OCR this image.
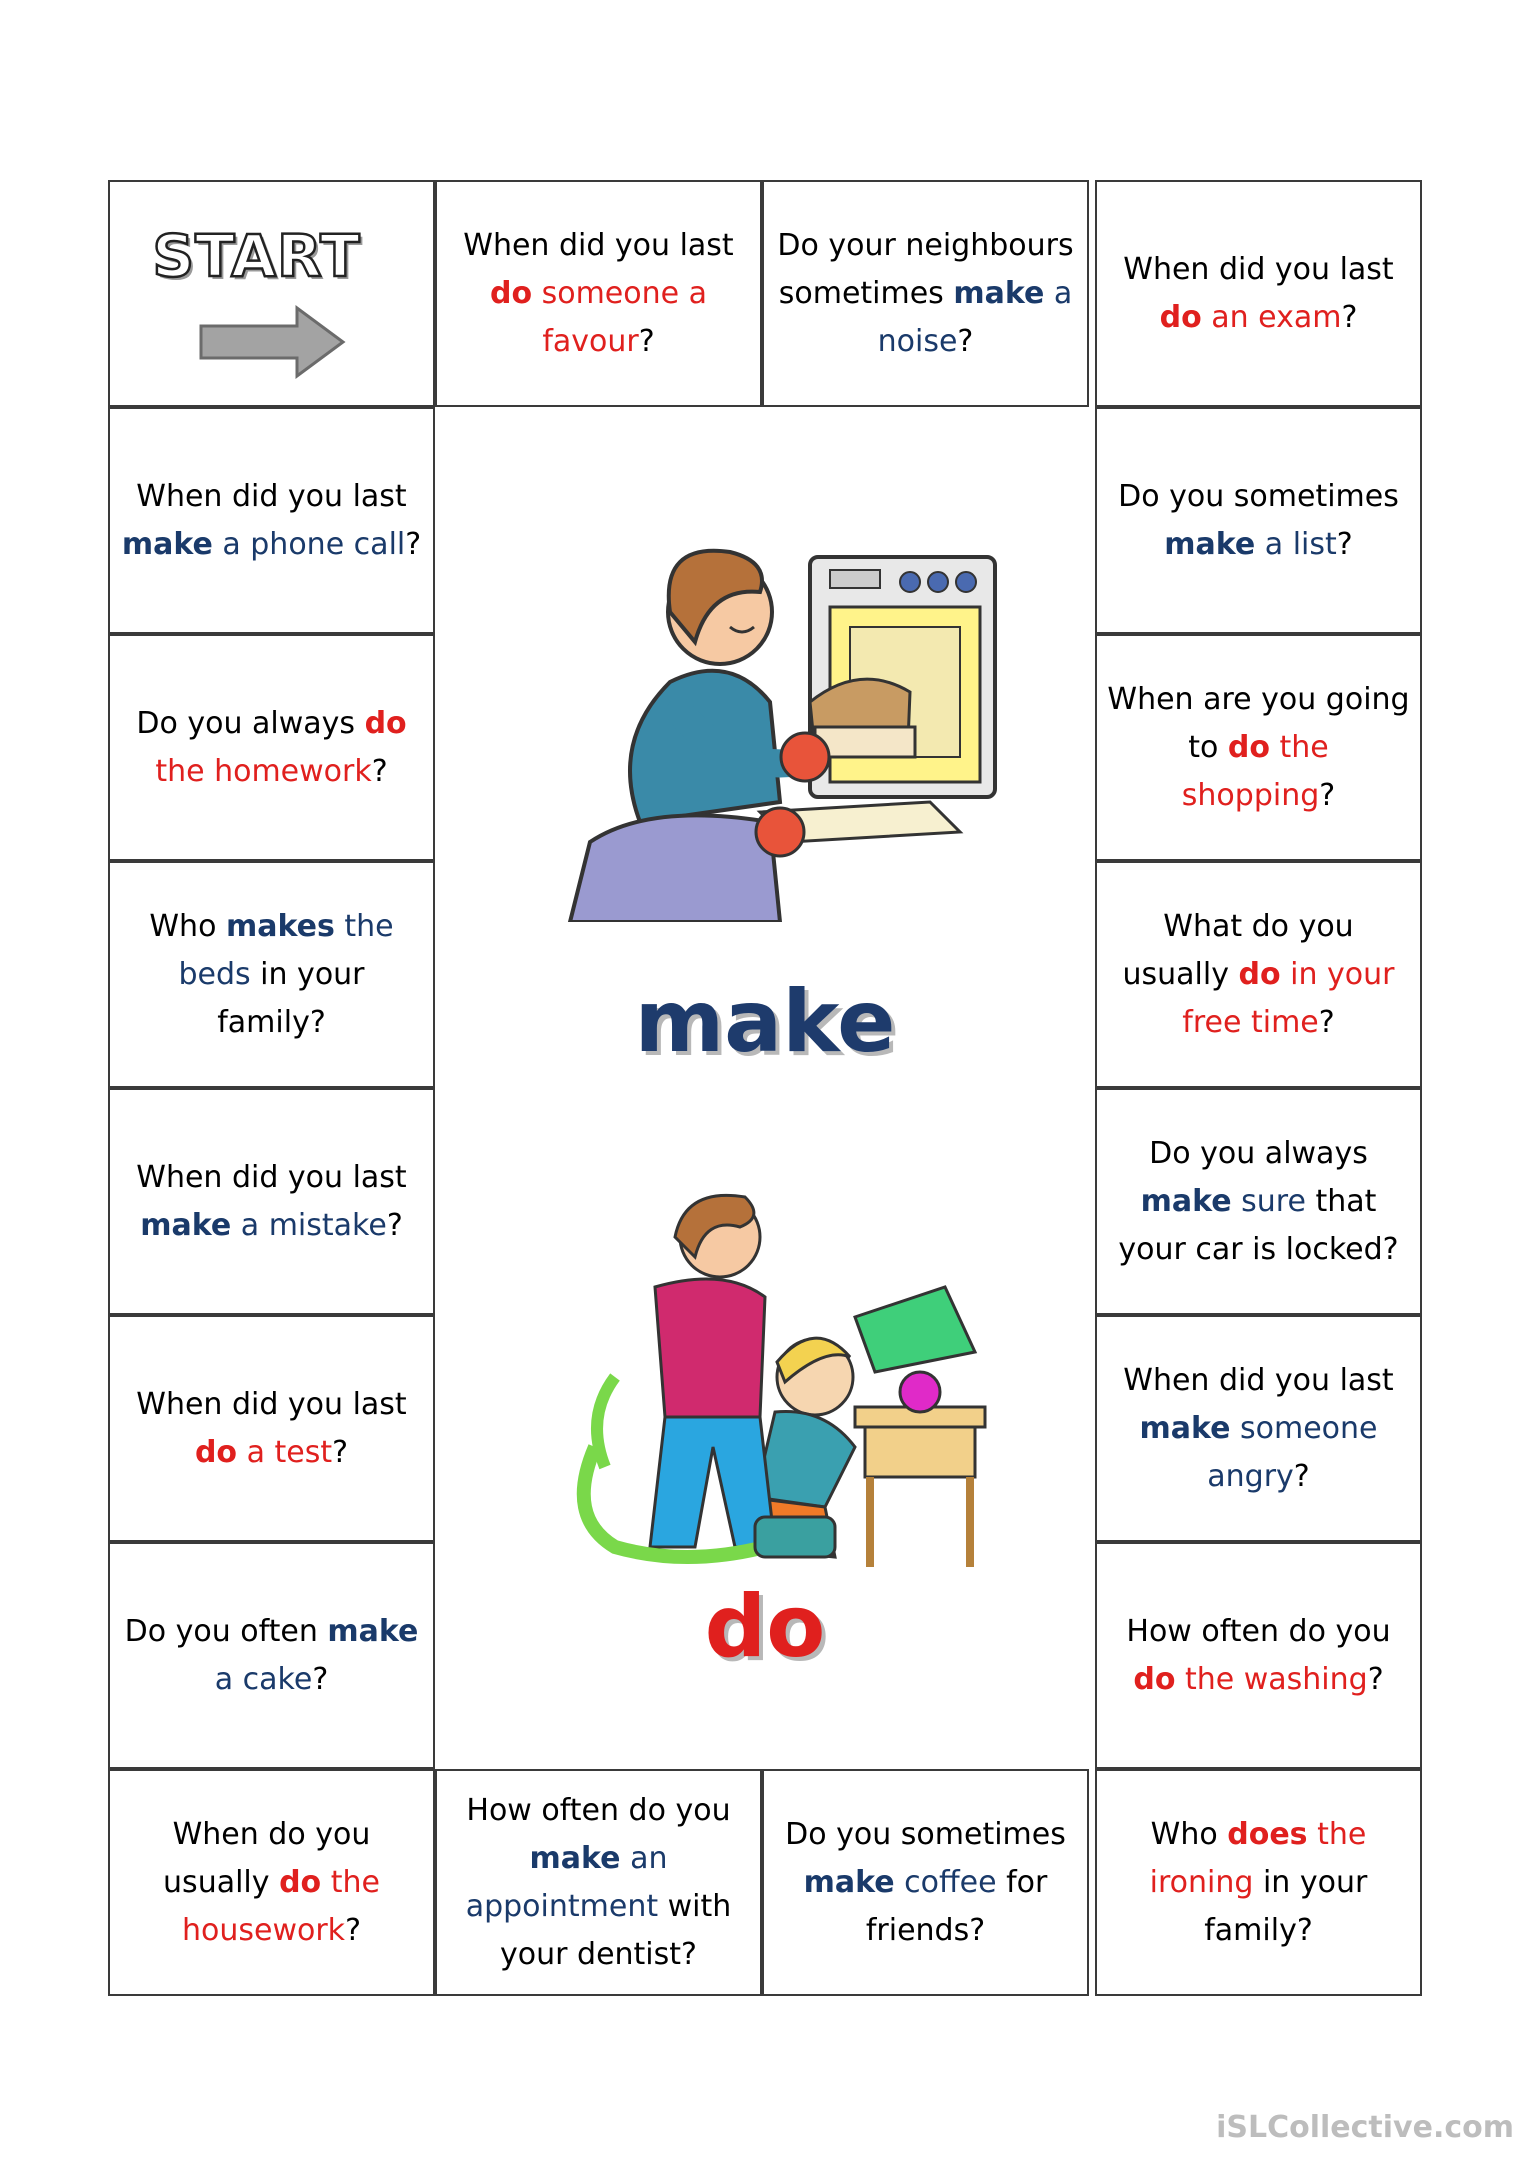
START	When did you last do someone a favour?
Do your neighbours sometimes make a noise?
When did you last do an exam?
When did you last make a phone call?
Do you sometimes make a list?
Do you always do the homework?
When are you going to do the shopping?
Who makes the beds in your family?
What do you usually do in your free time?
When did you last make a mistake?
Do you always make sure that your car is locked?
When did you last do a test?
When did you last make someone angry?
Do you often make a cake?
How often do you do the washing?
When do you usually do the housework?
How often do you make an appointment with your dentist?
Do you sometimes make coffee for friends?
Who does the ironing in your family?
make
do
iSLCollective.com
